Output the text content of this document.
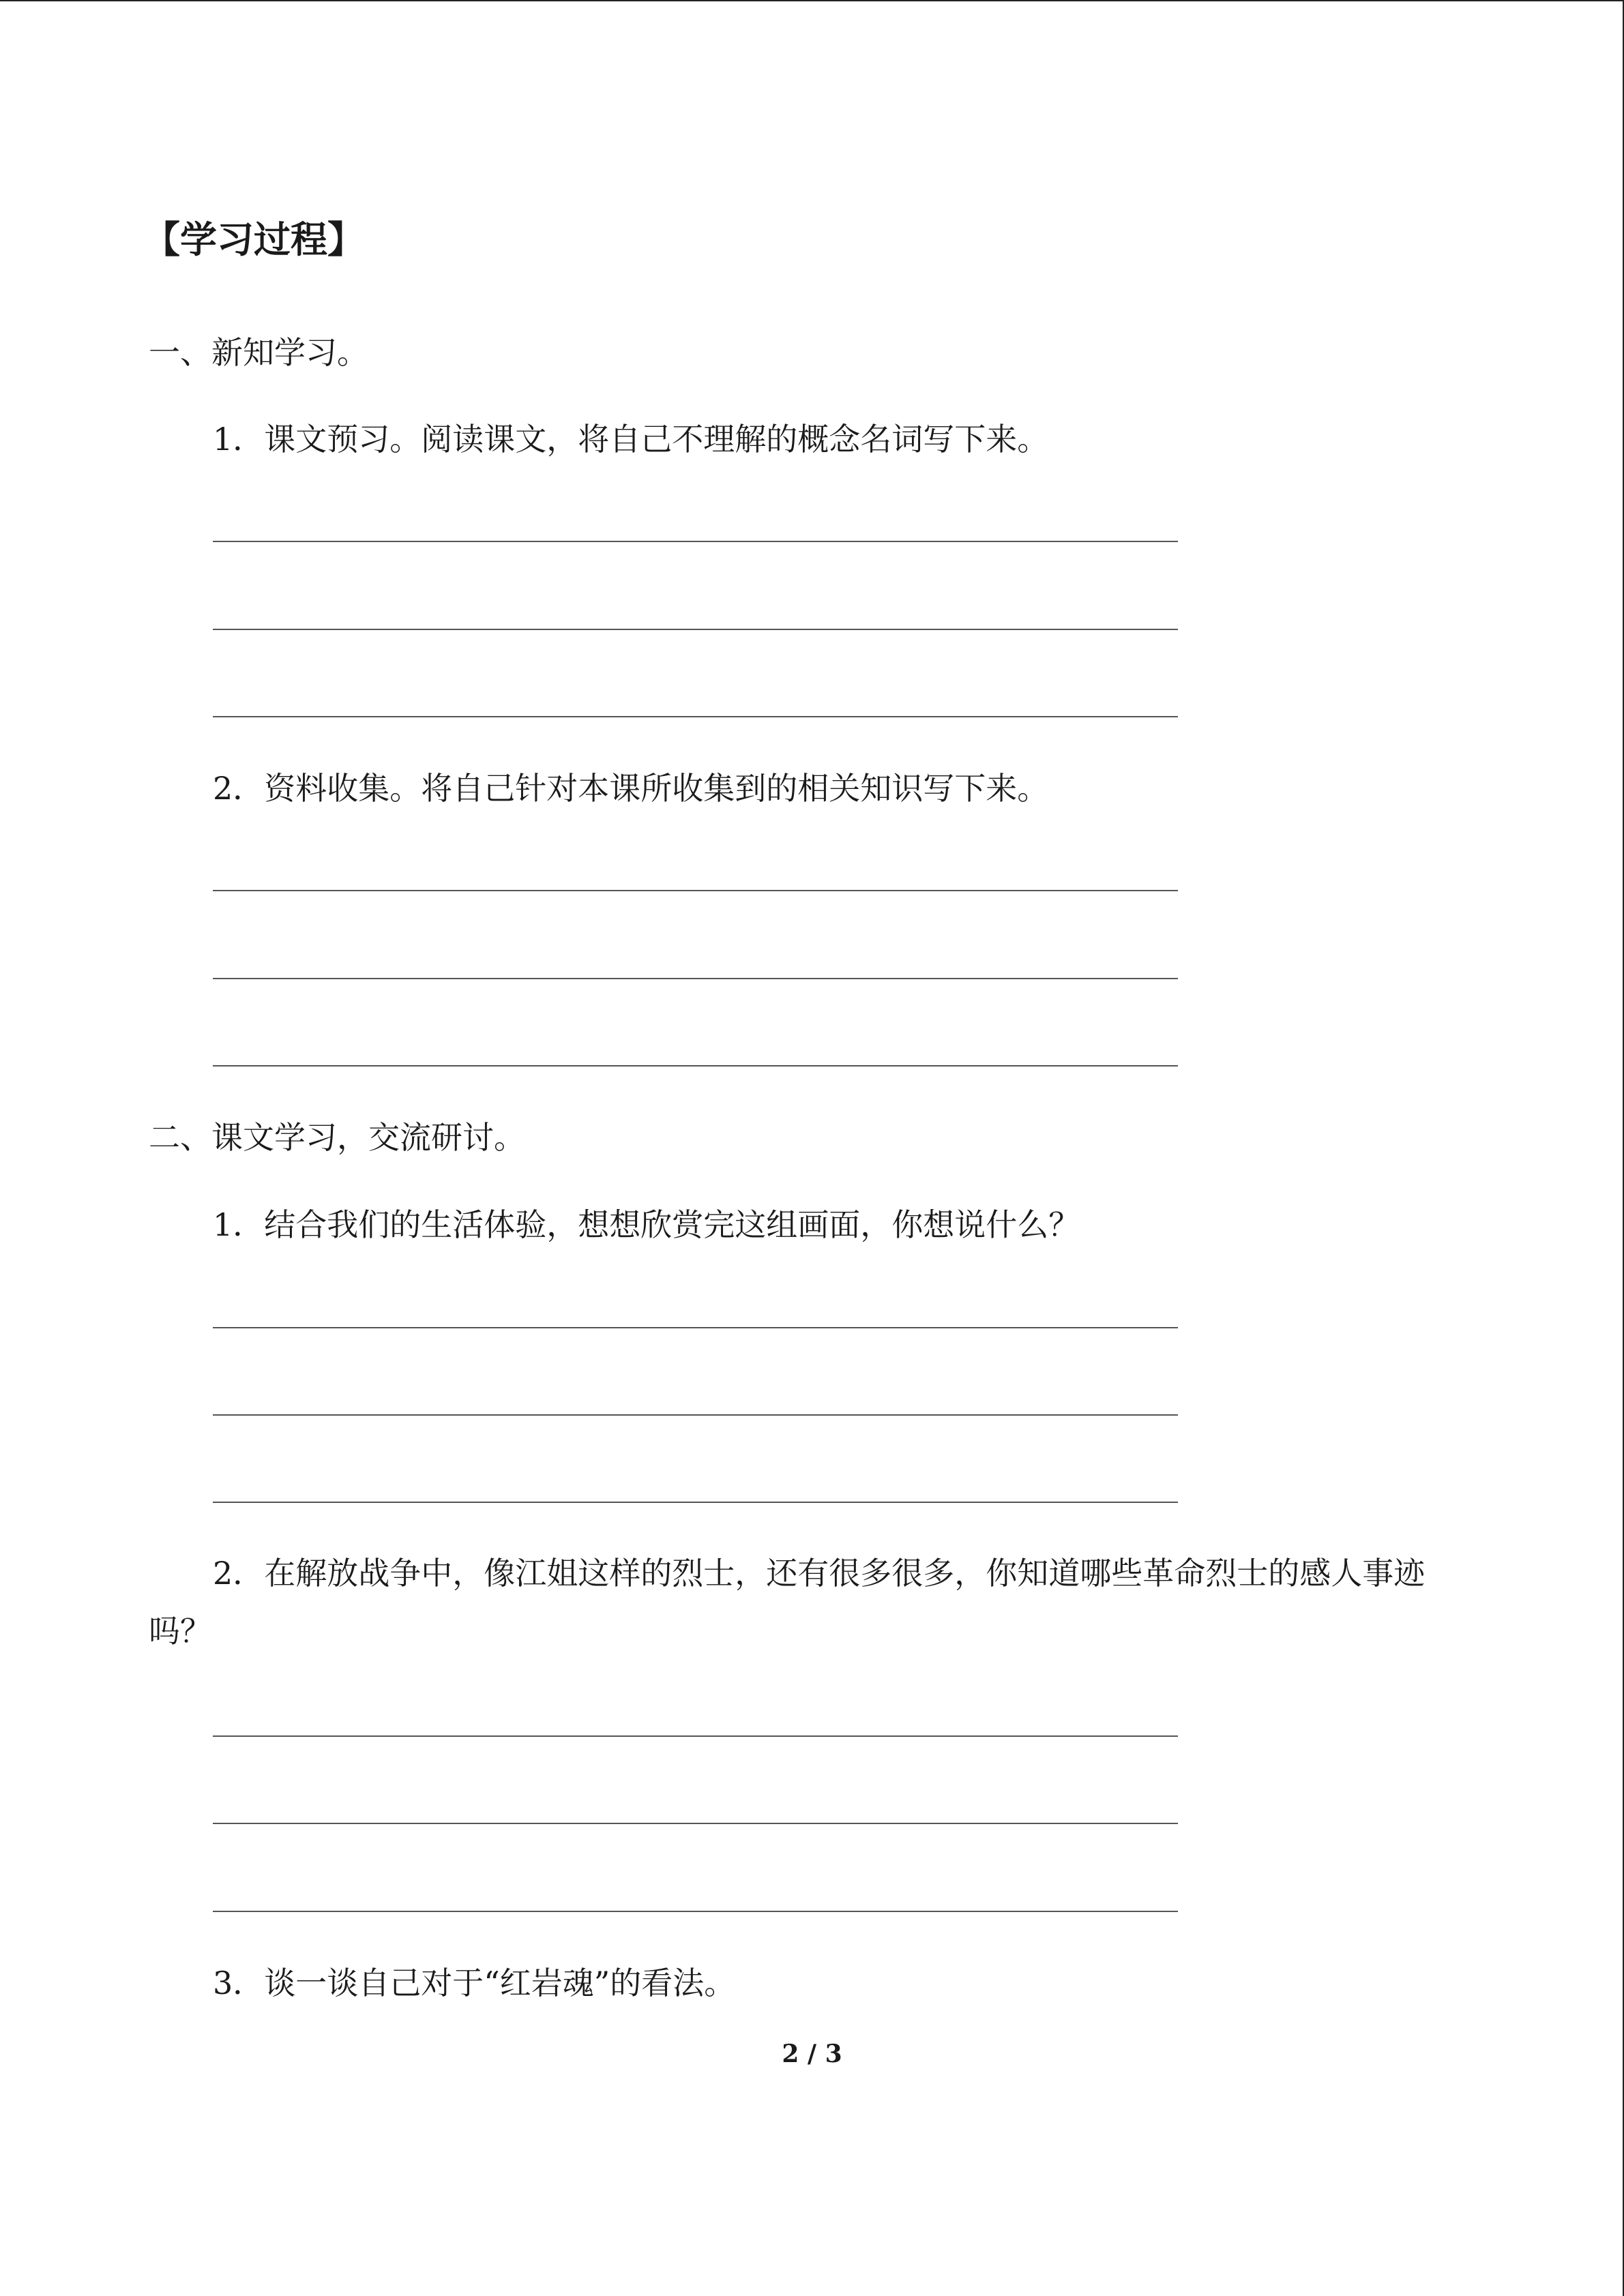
【学习过程】
一、新知学习。
1．课文预习。阅读课文，将自己不理解的概念名词写下来。
2．资料收集。将自己针对本课所收集到的相关知识写下来。
二、课文学习，交流研讨。
1．结合我们的生活体验，想想欣赏完这组画面，你想说什么？
2．在解放战争中，像江姐这样的烈士，还有很多很多，你知道哪些革命烈士的感人事迹吗？
3．谈一谈自己对于“红岩魂”的看法。
2 / 3
